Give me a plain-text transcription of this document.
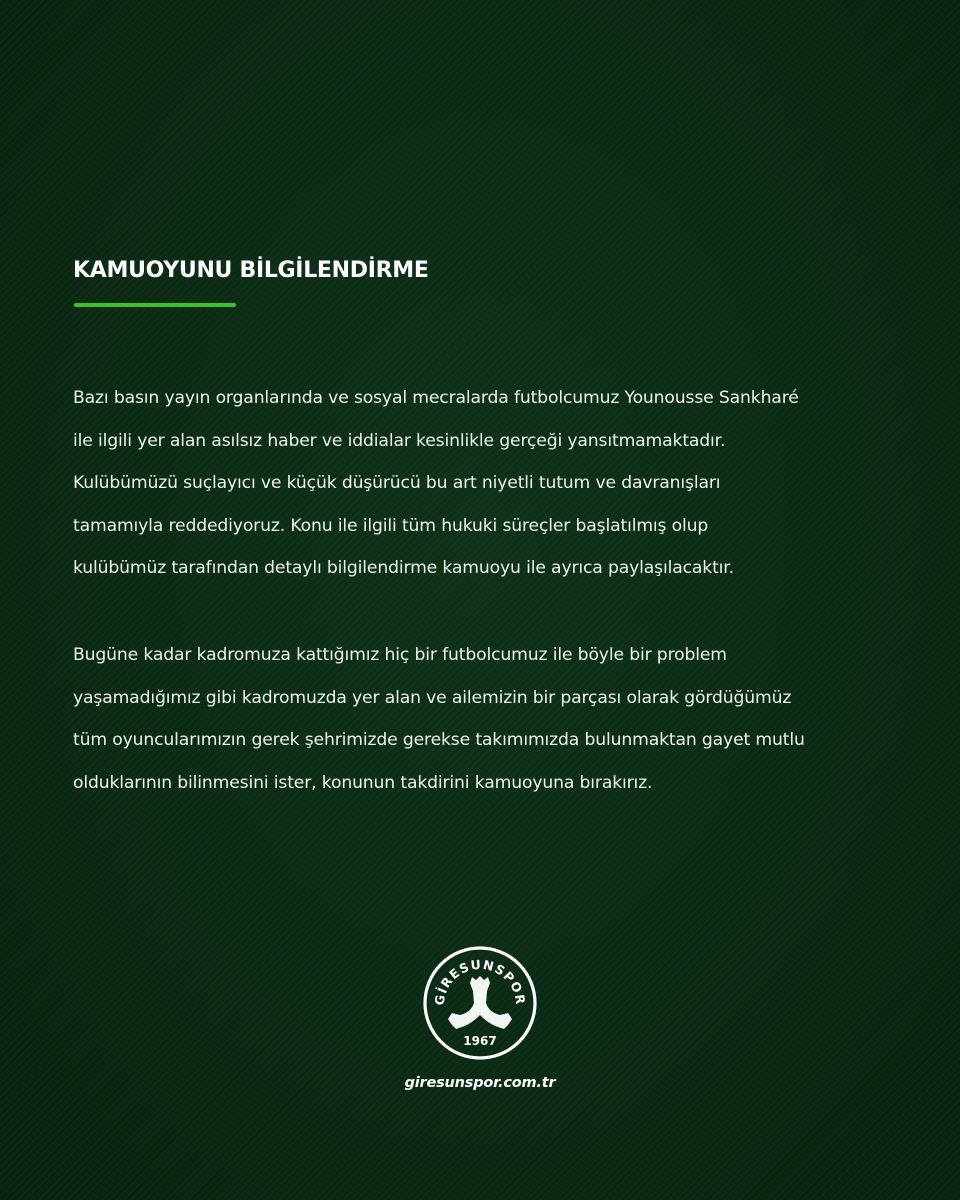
KAMUOYUNU BİLGİLENDİRME
Bazı basın yayın organlarında ve sosyal mecralarda futbolcumuz Younousse Sankharé
ile ilgili yer alan asılsız haber ve iddialar kesinlikle gerçeği yansıtmamaktadır.
Kulübümüzü suçlayıcı ve küçük düşürücü bu art niyetli tutum ve davranışları
tamamıyla reddediyoruz. Konu ile ilgili tüm hukuki süreçler başlatılmış olup
kulübümüz tarafından detaylı bilgilendirme kamuoyu ile ayrıca paylaşılacaktır.
Bugüne kadar kadromuza kattığımız hiç bir futbolcumuz ile böyle bir problem
yaşamadığımız gibi kadromuzda yer alan ve ailemizin bir parçası olarak gördüğümüz
tüm oyuncularımızın gerek şehrimizde gerekse takımımızda bulunmaktan gayet mutlu
olduklarının bilinmesini ister, konunun takdirini kamuoyuna bırakırız.
GİRESUNSPOR
1967
giresunspor.com.tr
